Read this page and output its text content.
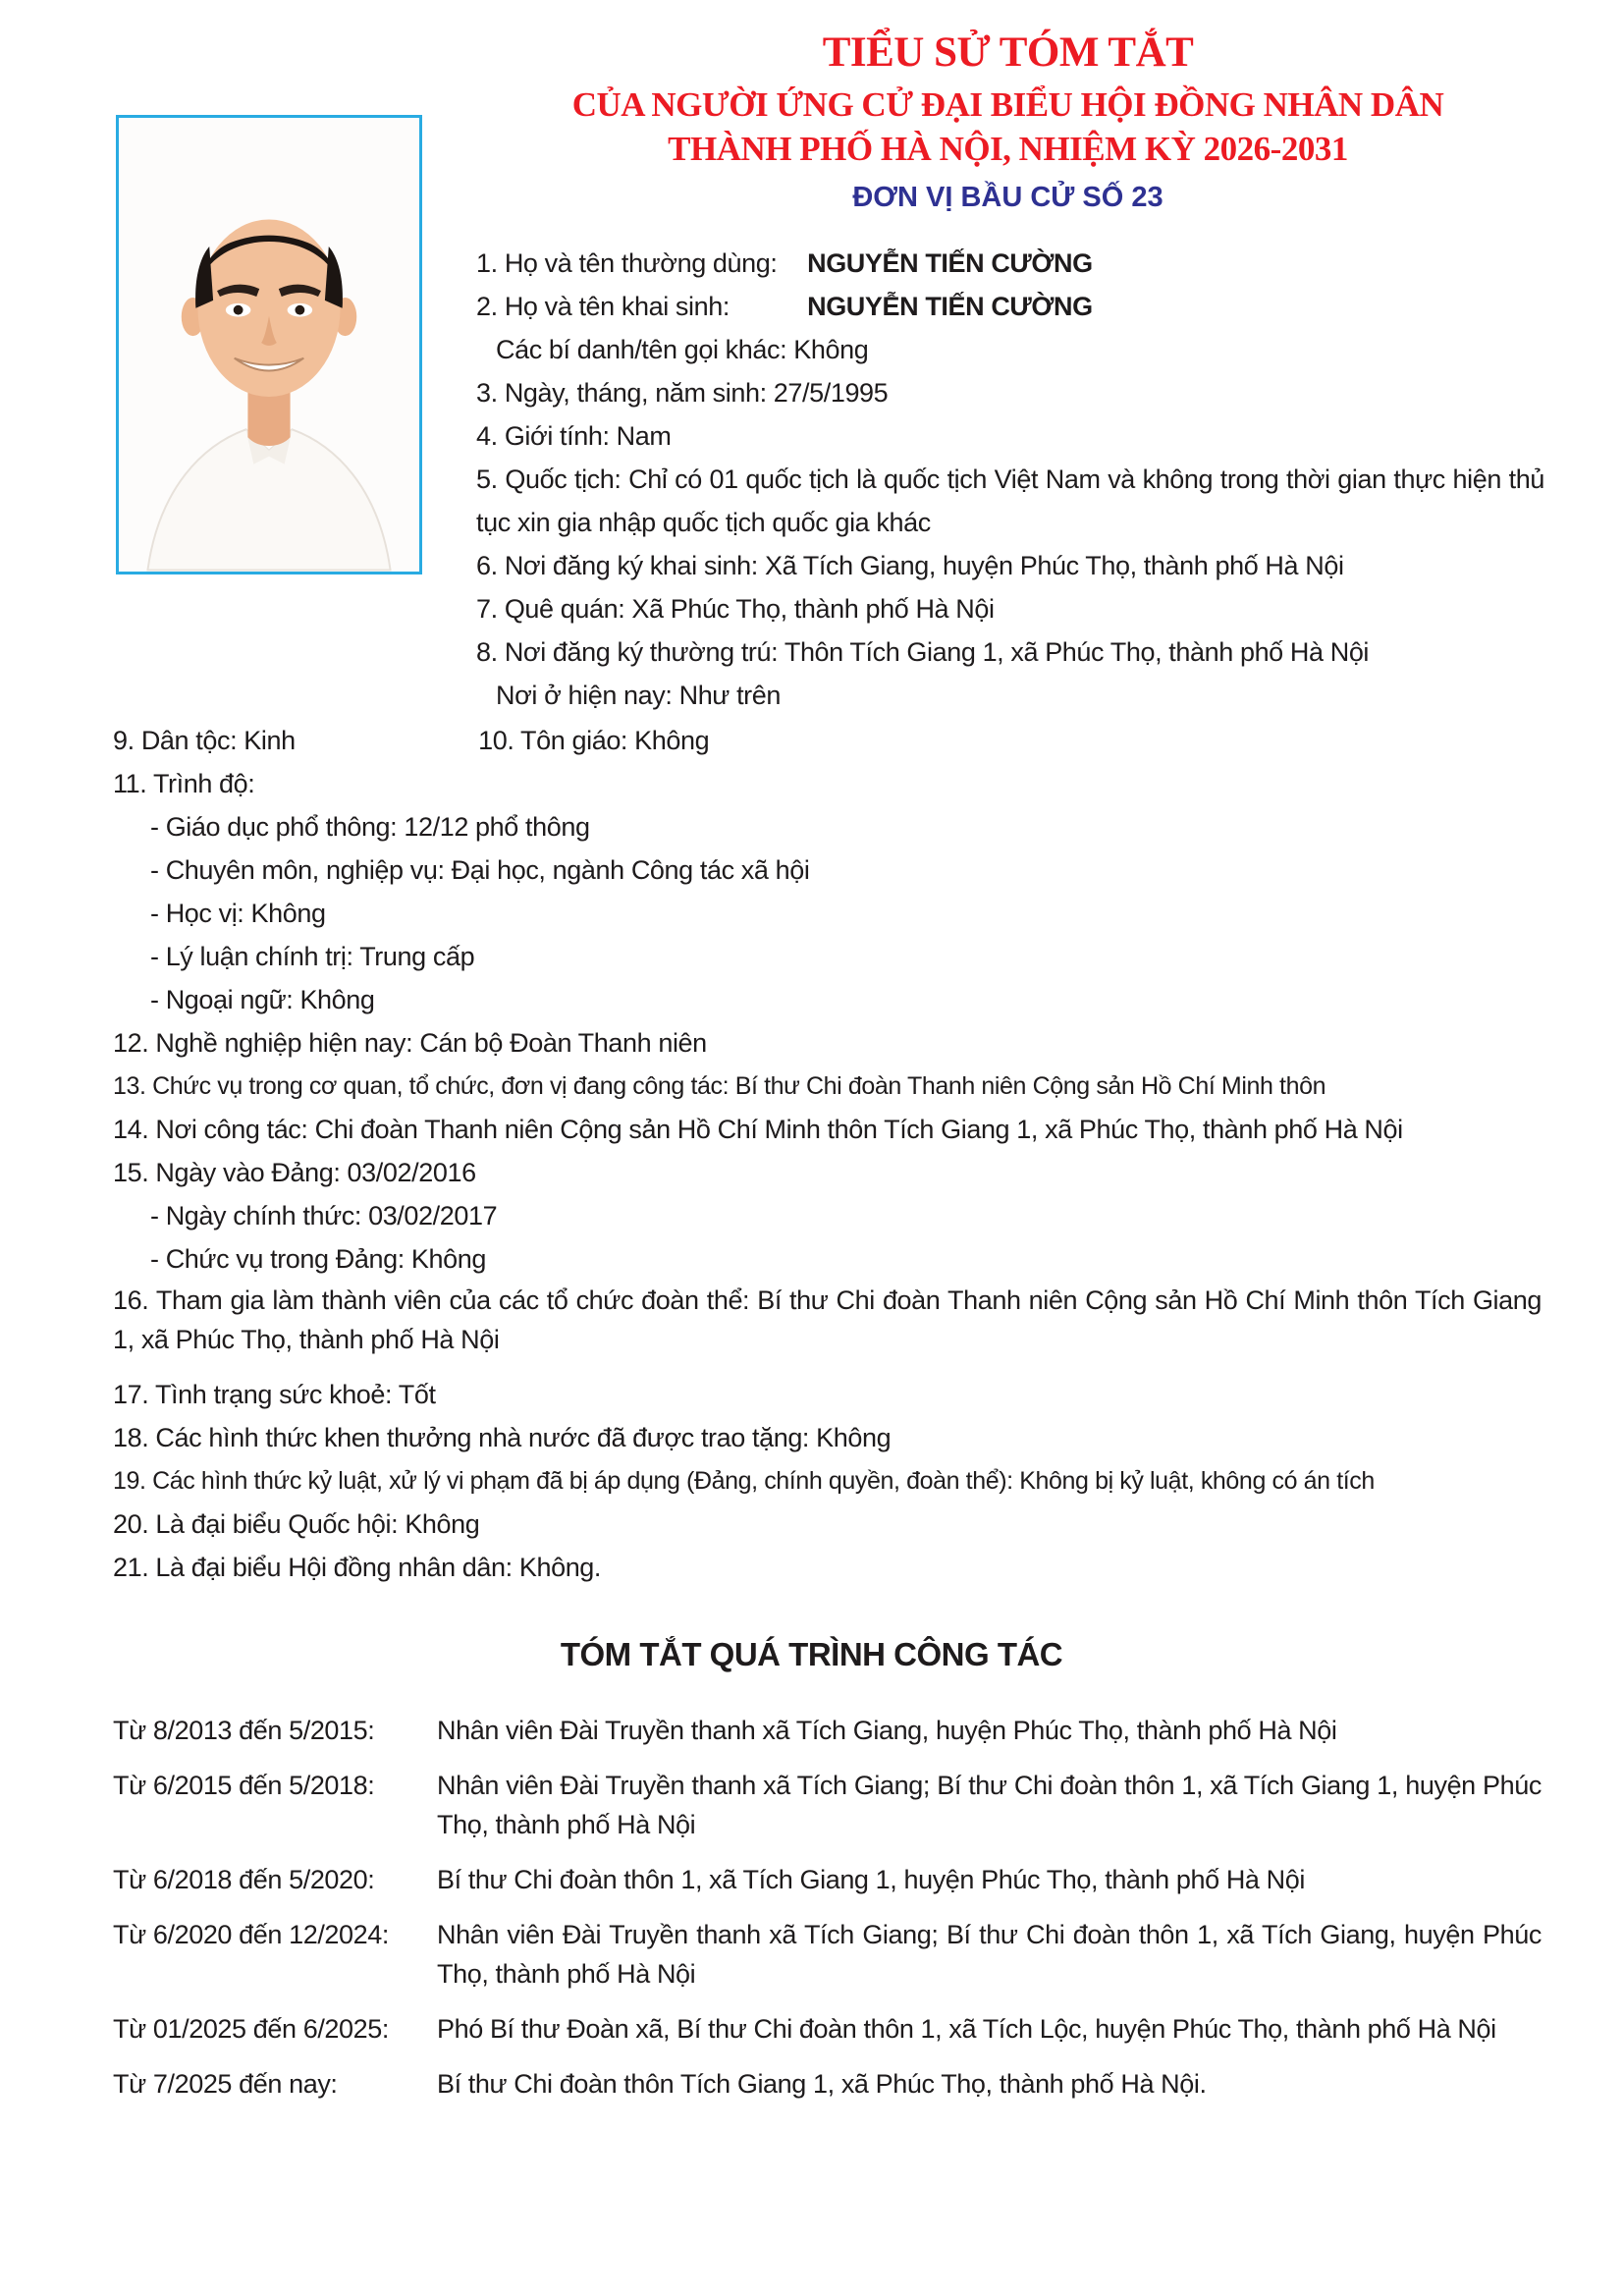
TIỂU SỬ TÓM TẮT
CỦA NGƯỜI ỨNG CỬ ĐẠI BIỂU HỘI ĐỒNG NHÂN DÂN
THÀNH PHỐ HÀ NỘI, NHIỆM KỲ 2026-2031
ĐƠN VỊ BẦU CỬ SỐ 23
1. Họ và tên thường dùng: NGUYỄN TIẾN CƯỜNG
2. Họ và tên khai sinh:	NGUYỄN TIẾN CƯỜNG
Các bí danh/tên gọi khác: Không
3. Ngày, tháng, năm sinh: 27/5/1995
4. Giới tính: Nam
5. Quốc tịch: Chỉ có 01 quốc tịch là quốc tịch Việt Nam và không trong thời gian thực hiện thủ tục xin gia nhập quốc tịch quốc gia khác
6. Nơi đăng ký khai sinh: Xã Tích Giang, huyện Phúc Thọ, thành phố Hà Nội
7. Quê quán: Xã Phúc Thọ, thành phố Hà Nội
8. Nơi đăng ký thường trú: Thôn Tích Giang 1, xã Phúc Thọ, thành phố Hà Nội
Nơi ở hiện nay: Như trên
9. Dân tộc: Kinh	10. Tôn giáo: Không
11. Trình độ:
- Giáo dục phổ thông: 12/12 phổ thông
- Chuyên môn, nghiệp vụ: Đại học, ngành Công tác xã hội
- Học vị: Không
- Lý luận chính trị: Trung cấp
- Ngoại ngữ: Không
12. Nghề nghiệp hiện nay: Cán bộ Đoàn Thanh niên
13. Chức vụ trong cơ quan, tổ chức, đơn vị đang công tác: Bí thư Chi đoàn Thanh niên Cộng sản Hồ Chí Minh thôn
14. Nơi công tác: Chi đoàn Thanh niên Cộng sản Hồ Chí Minh thôn Tích Giang 1, xã Phúc Thọ, thành phố Hà Nội
15. Ngày vào Đảng: 03/02/2016
- Ngày chính thức: 03/02/2017
- Chức vụ trong Đảng: Không
16. Tham gia làm thành viên của các tổ chức đoàn thể: Bí thư Chi đoàn Thanh niên Cộng sản Hồ Chí Minh thôn Tích Giang 1, xã Phúc Thọ, thành phố Hà Nội
17. Tình trạng sức khoẻ: Tốt
18. Các hình thức khen thưởng nhà nước đã được trao tặng: Không
19. Các hình thức kỷ luật, xử lý vi phạm đã bị áp dụng (Đảng, chính quyền, đoàn thể): Không bị kỷ luật, không có án tích
20. Là đại biểu Quốc hội: Không
21. Là đại biểu Hội đồng nhân dân: Không.
TÓM TẮT QUÁ TRÌNH CÔNG TÁC
Từ 8/2013 đến 5/2015:	Nhân viên Đài Truyền thanh xã Tích Giang, huyện Phúc Thọ, thành phố Hà Nội
Từ 6/2015 đến 5/2018:	Nhân viên Đài Truyền thanh xã Tích Giang; Bí thư Chi đoàn thôn 1, xã Tích Giang 1, huyện Phúc Thọ, thành phố Hà Nội
Từ 6/2018 đến 5/2020:	Bí thư Chi đoàn thôn 1, xã Tích Giang 1, huyện Phúc Thọ, thành phố Hà Nội
Từ 6/2020 đến 12/2024:	Nhân viên Đài Truyền thanh xã Tích Giang; Bí thư Chi đoàn thôn 1, xã Tích Giang, huyện Phúc Thọ, thành phố Hà Nội
Từ 01/2025 đến 6/2025:	Phó Bí thư Đoàn xã, Bí thư Chi đoàn thôn 1, xã Tích Lộc, huyện Phúc Thọ, thành phố Hà Nội
Từ 7/2025 đến nay:	Bí thư Chi đoàn thôn Tích Giang 1, xã Phúc Thọ, thành phố Hà Nội.
